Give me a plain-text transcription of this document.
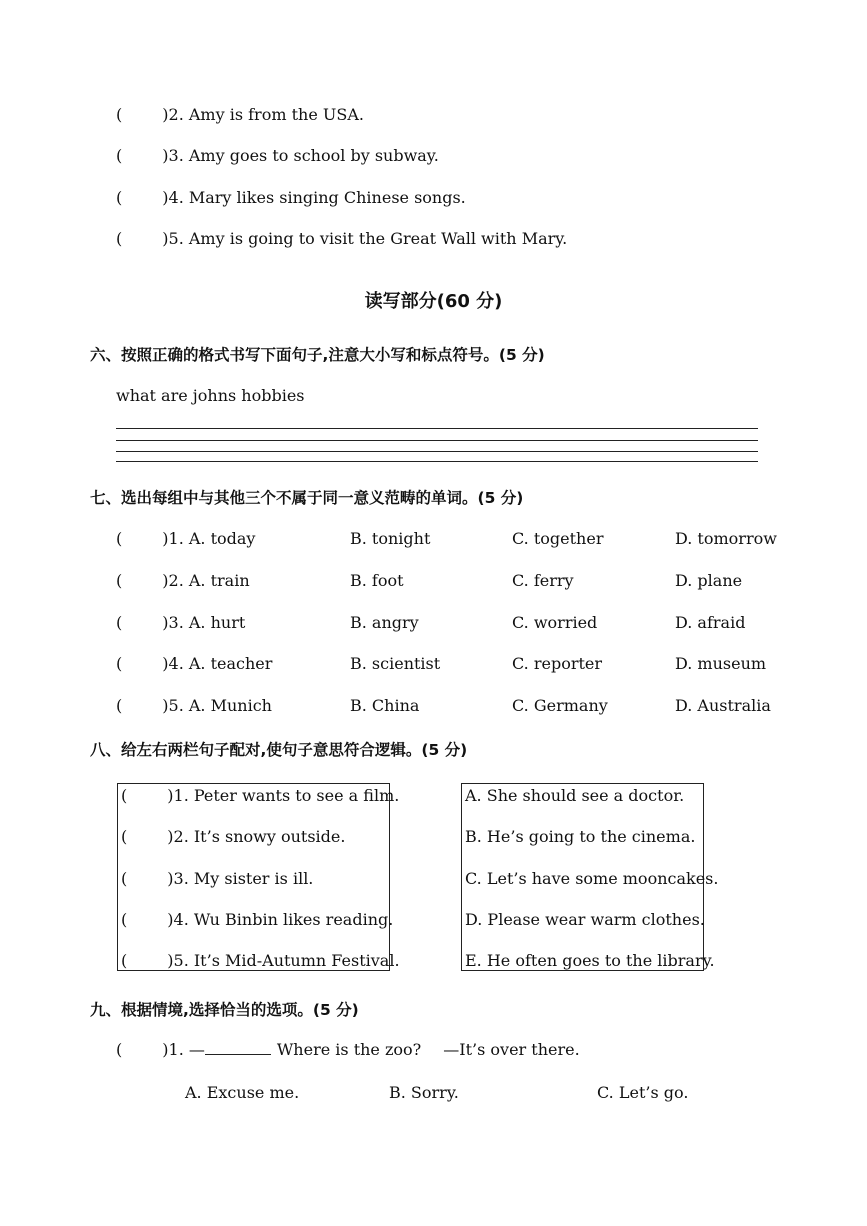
(	)2. Amy is from the USA.
(	)3. Amy goes to school by subway.
(	)4. Mary likes singing Chinese songs.
(	)5. Amy is going to visit the Great Wall with Mary.
读写部分(60 分)
六、按照正确的格式书写下面句子,注意大小写和标点符号。(5 分)
what are johns hobbies
七、选出每组中与其他三个不属于同一意义范畴的单词。(5 分)
(	)1. A. today	B. tonight	C. together	D. tomorrow
(	)2. A. train	B. foot	C. ferry	D. plane
(	)3. A. hurt	B. angry	C. worried	D. afraid
(	)4. A. teacher	B. scientist	C. reporter	D. museum
(	)5. A. Munich	B. China	C. Germany	D. Australia
八、给左右两栏句子配对,使句子意思符合逻辑。(5 分)
(	)1. Peter wants to see a film.
(	)2. It’s snowy outside.
(	)3. My sister is ill.
(	)4. Wu Binbin likes reading.
(	)5. It’s Mid-Autumn Festival.
A. She should see a doctor.
B. He’s going to the cinema.
C. Let’s have some mooncakes.
D. Please wear warm clothes.
E. He often goes to the library.
九、根据情境,选择恰当的选项。(5 分)
(	)1. —	Where is the zoo? —It’s over there.
A. Excuse me.	B. Sorry.	C. Let’s go.
